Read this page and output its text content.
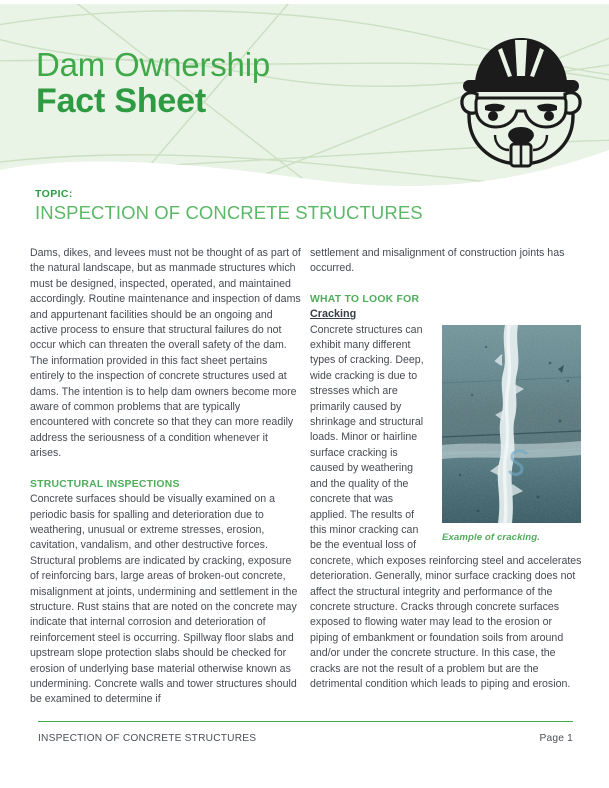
Dam Ownership
Fact Sheet
TOPIC:
INSPECTION OF CONCRETE STRUCTURES

Dams, dikes, and levees must not be thought of as part of the natural landscape, but as manmade structures which must be designed, inspected, operated, and maintained accordingly. Routine maintenance and inspection of dams and appurtenant facilities should be an ongoing and active process to ensure that structural failures do not occur which can threaten the overall safety of the dam. The information provided in this fact sheet pertains entirely to the inspection of concrete structures used at dams. The intention is to help dam owners become more aware of common problems that are typically encountered with concrete so that they can more readily address the seriousness of a condition whenever it arises.

STRUCTURAL INSPECTIONS

Concrete surfaces should be visually examined on a periodic basis for spalling and deterioration due to weathering, unusual or extreme stresses, erosion, cavitation, vandalism, and other destructive forces. Structural problems are indicated by cracking, exposure of reinforcing bars, large areas of broken-out concrete, misalignment at joints, undermining and settlement in the structure. Rust stains that are noted on the concrete may indicate that internal corrosion and deterioration of reinforcement steel is occurring. Spillway floor slabs and upstream slope protection slabs should be checked for erosion of underlying base material otherwise known as undermining. Concrete walls and tower structures should be examined to determine if

settlement and misalignment of construction joints has occurred.

WHAT TO LOOK FOR

Cracking

Example of cracking.

Concrete structures can exhibit many different types of cracking. Deep, wide cracking is due to stresses which are primarily caused by shrinkage and structural loads. Minor or hairline surface cracking is caused by weathering and the quality of the concrete that was applied. The results of this minor cracking can be the eventual loss of concrete, which exposes reinforcing steel and accelerates deterioration. Generally, minor surface cracking does not affect the structural integrity and performance of the concrete structure. Cracks through concrete surfaces exposed to flowing water may lead to the erosion or piping of embankment or foundation soils from around and/or under the concrete structure. In this case, the cracks are not the result of a problem but are the detrimental condition which leads to piping and erosion.

INSPECTION OF CONCRETE STRUCTURES	Page 1
